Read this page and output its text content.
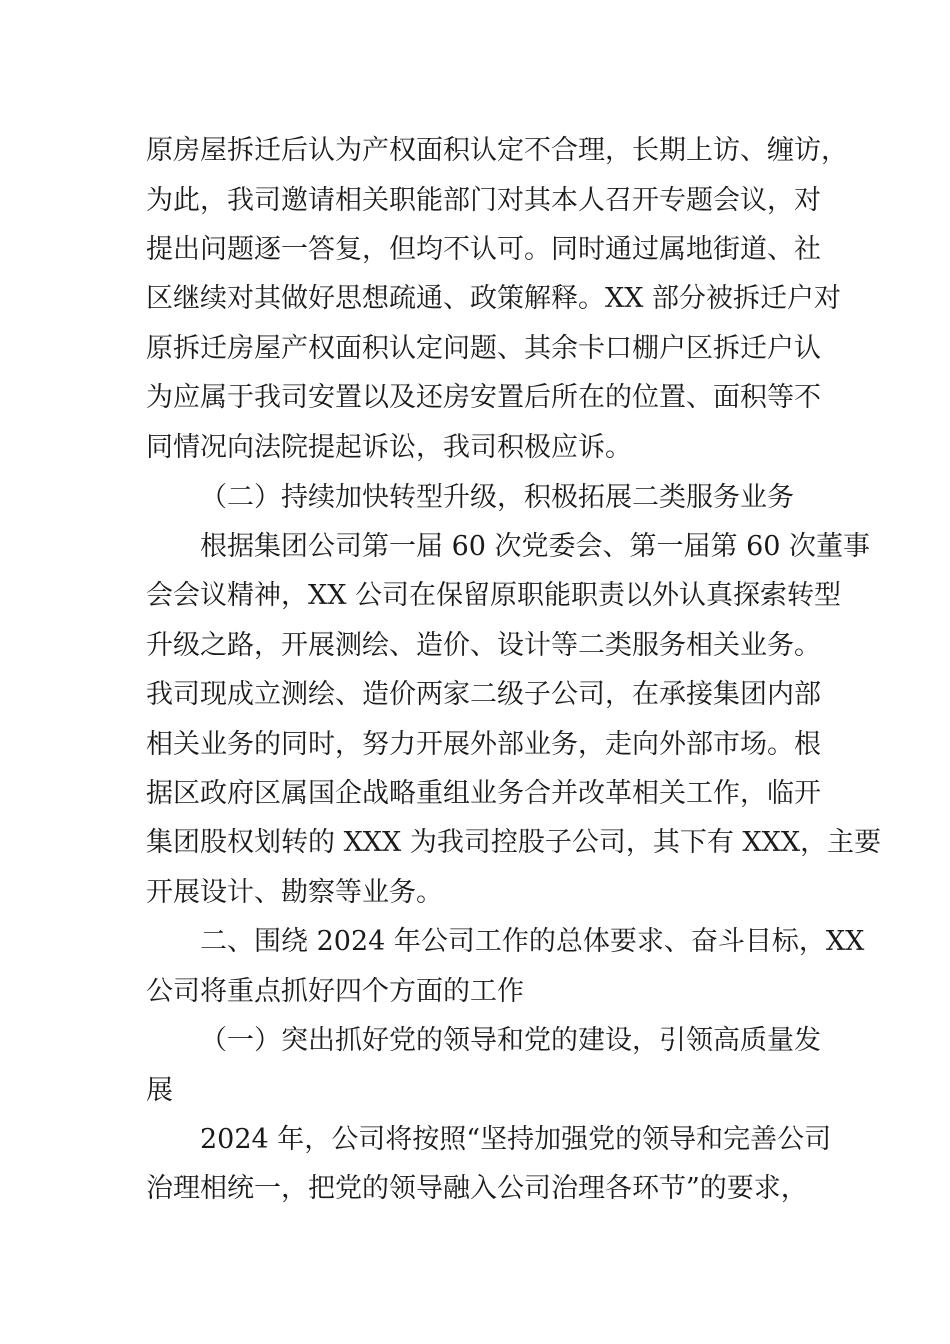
原房屋拆迁后认为产权面积认定不合理，长期上访、缠访，
为此，我司邀请相关职能部门对其本人召开专题会议，对
提出问题逐一答复，但均不认可。同时通过属地街道、社
区继续对其做好思想疏通、政策解释。XX 部分被拆迁户对
原拆迁房屋产权面积认定问题、其余卡口棚户区拆迁户认
为应属于我司安置以及还房安置后所在的位置、面积等不
同情况向法院提起诉讼，我司积极应诉。
（二）持续加快转型升级，积极拓展二类服务业务
根据集团公司第一届 60 次党委会、第一届第 60 次董事
会会议精神，XX 公司在保留原职能职责以外认真探索转型
升级之路，开展测绘、造价、设计等二类服务相关业务。
我司现成立测绘、造价两家二级子公司，在承接集团内部
相关业务的同时，努力开展外部业务，走向外部市场。根
据区政府区属国企战略重组业务合并改革相关工作，临开
集团股权划转的 XXX 为我司控股子公司，其下有 XXX，主要
开展设计、勘察等业务。
二、围绕 2024 年公司工作的总体要求、奋斗目标，XX
公司将重点抓好四个方面的工作
（一）突出抓好党的领导和党的建设，引领高质量发
展
2024 年，公司将按照“坚持加强党的领导和完善公司
治理相统一，把党的领导融入公司治理各环节”的要求，
